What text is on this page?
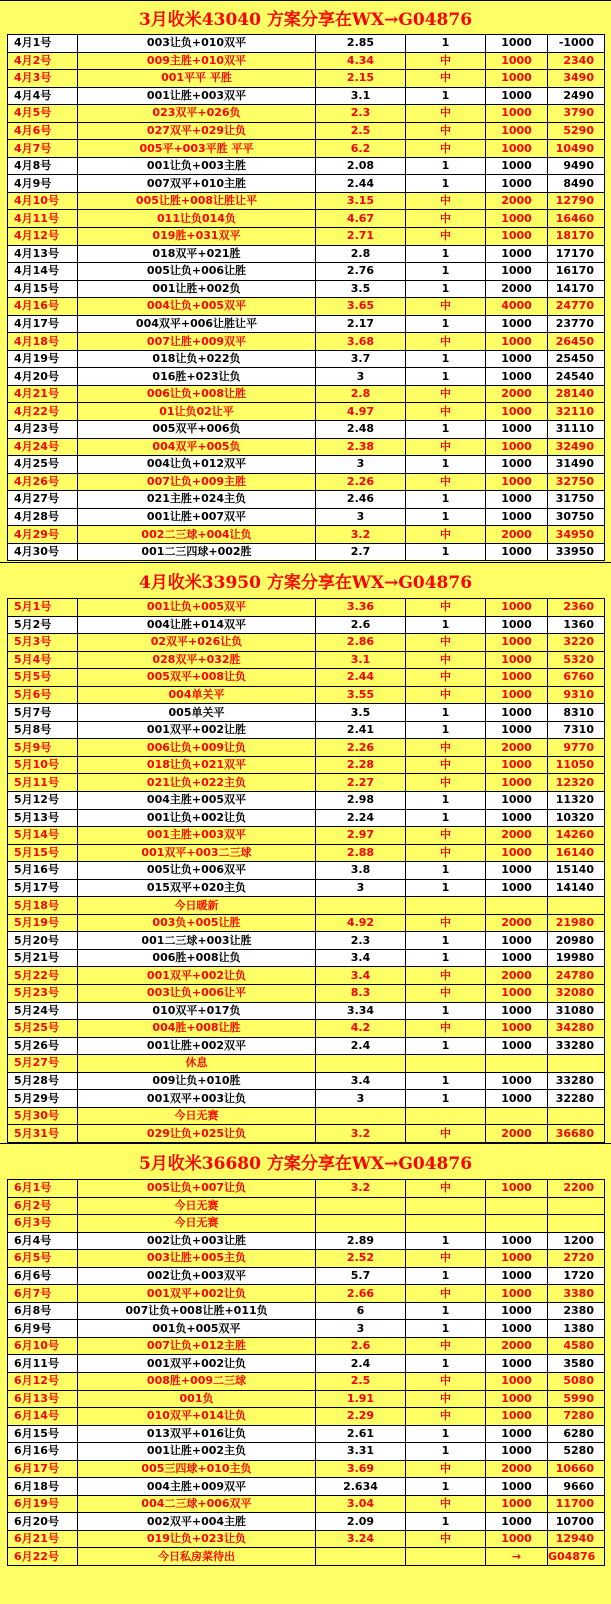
3月收米43040 方案分享在WX→G04876
4月1号	003让负+010双平	2.85	1	1000	-1000
4月2号	009主胜+010双平	4.34	中	1000	2340
4月3号	001平平 平胜	2.15	中	1000	3490
4月4号	001让胜+003双平	3.1	1	1000	2490
4月5号	023双平+026负	2.3	中	1000	3790
4月6号	027双平+029让负	2.5	中	1000	5290
4月7号	005平+003平胜 平平	6.2	中	1000	10490
4月8号	001让负+003主胜	2.08	1	1000	9490
4月9号	007双平+010主胜	2.44	1	1000	8490
4月10号	005让胜+008让胜让平	3.15	中	2000	12790
4月11号	011让负014负	4.67	中	1000	16460
4月12号	019胜+031双平	2.71	中	1000	18170
4月13号	018双平+021胜	2.8	1	1000	17170
4月14号	005让负+006让胜	2.76	1	1000	16170
4月15号	001让胜+002负	3.5	1	2000	14170
4月16号	004让负+005双平	3.65	中	4000	24770
4月17号	004双平+006让胜让平	2.17	1	1000	23770
4月18号	007让胜+009双平	3.68	中	1000	26450
4月19号	018让负+022负	3.7	1	1000	25450
4月20号	016胜+023让负	3	1	1000	24540
4月21号	006让负+008让胜	2.8	中	2000	28140
4月22号	01让负02让平	4.97	中	1000	32110
4月23号	005双平+006负	2.48	1	1000	31110
4月24号	004双平+005负	2.38	中	1000	32490
4月25号	004让负+012双平	3	1	1000	31490
4月26号	007让负+009主胜	2.26	中	1000	32750
4月27号	021主胜+024主负	2.46	1	1000	31750
4月28号	001让胜+007双平	3	1	1000	30750
4月29号	002二三球+004让负	3.2	中	2000	34950
4月30号	001二三四球+002胜	2.7	1	1000	33950
4月收米33950 方案分享在WX→G04876
5月1号	001让负+005双平	3.36	中	1000	2360
5月2号	004让胜+014双平	2.6	1	1000	1360
5月3号	02双平+026让负	2.86	中	1000	3220
5月4号	028双平+032胜	3.1	中	1000	5320
5月5号	005双平+008让负	2.44	中	1000	6760
5月6号	004单关平	3.55	中	1000	9310
5月7号	005单关平	3.5	1	1000	8310
5月8号	001双平+002让胜	2.41	1	1000	7310
5月9号	006让负+009让负	2.26	中	2000	9770
5月10号	018让负+021双平	2.28	中	1000	11050
5月11号	021让负+022主负	2.27	中	1000	12320
5月12号	004主胜+005双平	2.98	1	1000	11320
5月13号	001让负+002让负	2.24	1	1000	10320
5月14号	001主胜+003双平	2.97	中	2000	14260
5月15号	001双平+003二三球	2.88	中	1000	16140
5月16号	005让负+006双平	3.8	1	1000	15140
5月17号	015双平+020主负	3	1	1000	14140
5月18号	今日暖新				
5月19号	003负+005让胜	4.92	中	2000	21980
5月20号	001二三球+003让胜	2.3	1	1000	20980
5月21号	006胜+008让负	3.4	1	1000	19980
5月22号	001双平+002让负	3.4	中	2000	24780
5月23号	003让负+006让平	8.3	中	1000	32080
5月24号	010双平+017负	3.34	1	1000	31080
5月25号	004胜+008让胜	4.2	中	1000	34280
5月26号	001让胜+002双平	2.4	1	1000	33280
5月27号	休息				
5月28号	009让负+010胜	3.4	1	1000	33280
5月29号	001双平+003让负	3	1	1000	32280
5月30号	今日无赛				
5月31号	029让负+025让负	3.2	中	2000	36680
5月收米36680 方案分享在WX→G04876
6月1号	005让负+007让负	3.2	中	1000	2200
6月2号	今日无赛				
6月3号	今日无赛				
6月4号	002让负+003让胜	2.89	1	1000	1200
6月5号	003让胜+005主负	2.52	中	1000	2720
6月6号	002让负+003双平	5.7	1	1000	1720
6月7号	001双平+002让负	2.66	中	1000	3380
6月8号	007让负+008让胜+011负	6	1	1000	2380
6月9号	001负+005双平	3	1	1000	1380
6月10号	007让负+012主胜	2.6	中	2000	4580
6月11号	001双平+002让负	2.4	1	1000	3580
6月12号	008胜+009二三球	2.5	中	1000	5080
6月13号	001负	1.91	中	1000	5990
6月14号	010双平+014让负	2.29	中	1000	7280
6月15号	013双平+016让负	2.61	1	1000	6280
6月16号	001让胜+002主负	3.31	1	1000	5280
6月17号	005三四球+010主负	3.69	中	2000	10660
6月18号	004主胜+009双平	2.634	1	1000	9660
6月19号	004二三球+006双平	3.04	中	1000	11700
6月20号	002双平+004主胜	2.09	1	1000	10700
6月21号	019让负+023让负	3.24	中	1000	12940
6月22号	今日私房菜待出			→	G04876
